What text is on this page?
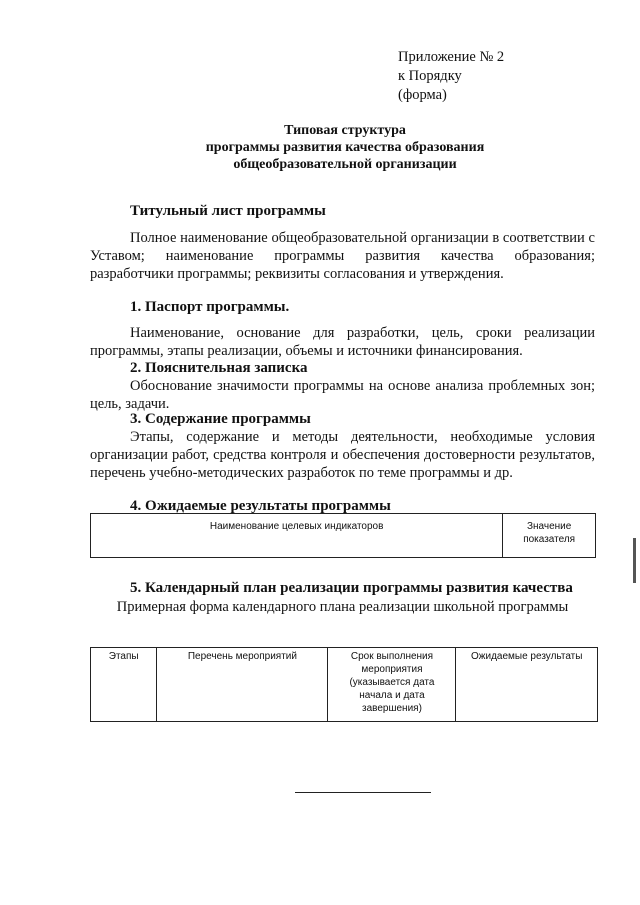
Приложение № 2
к Порядку
(форма)
Типовая структура
программы развития качества образования
общеобразовательной организации
Титульный лист программы
Полное наименование общеобразовательной организации в соответствии с Уставом; наименование программы развития качества образования; разработчики программы; реквизиты согласования и утверждения.
1. Паспорт программы.
Наименование, основание для разработки, цель, сроки реализации программы, этапы реализации, объемы и источники финансирования.
2. Пояснительная записка
Обоснование значимости программы на основе анализа проблемных зон; цель, задачи.
3. Содержание программы
Этапы, содержание и методы деятельности, необходимые условия организации работ, средства контроля и обеспечения достоверности результатов, перечень учебно-методических разработок по теме программы и др.
4. Ожидаемые результаты программы
Наименование целевых индикаторов	Значение показателя
5. Календарный план реализации программы развития качества
Примерная форма календарного плана реализации школьной программы
Этапы	Перечень мероприятий	Срок выполнения мероприятия (указывается дата начала и дата завершения)	Ожидаемые результаты
